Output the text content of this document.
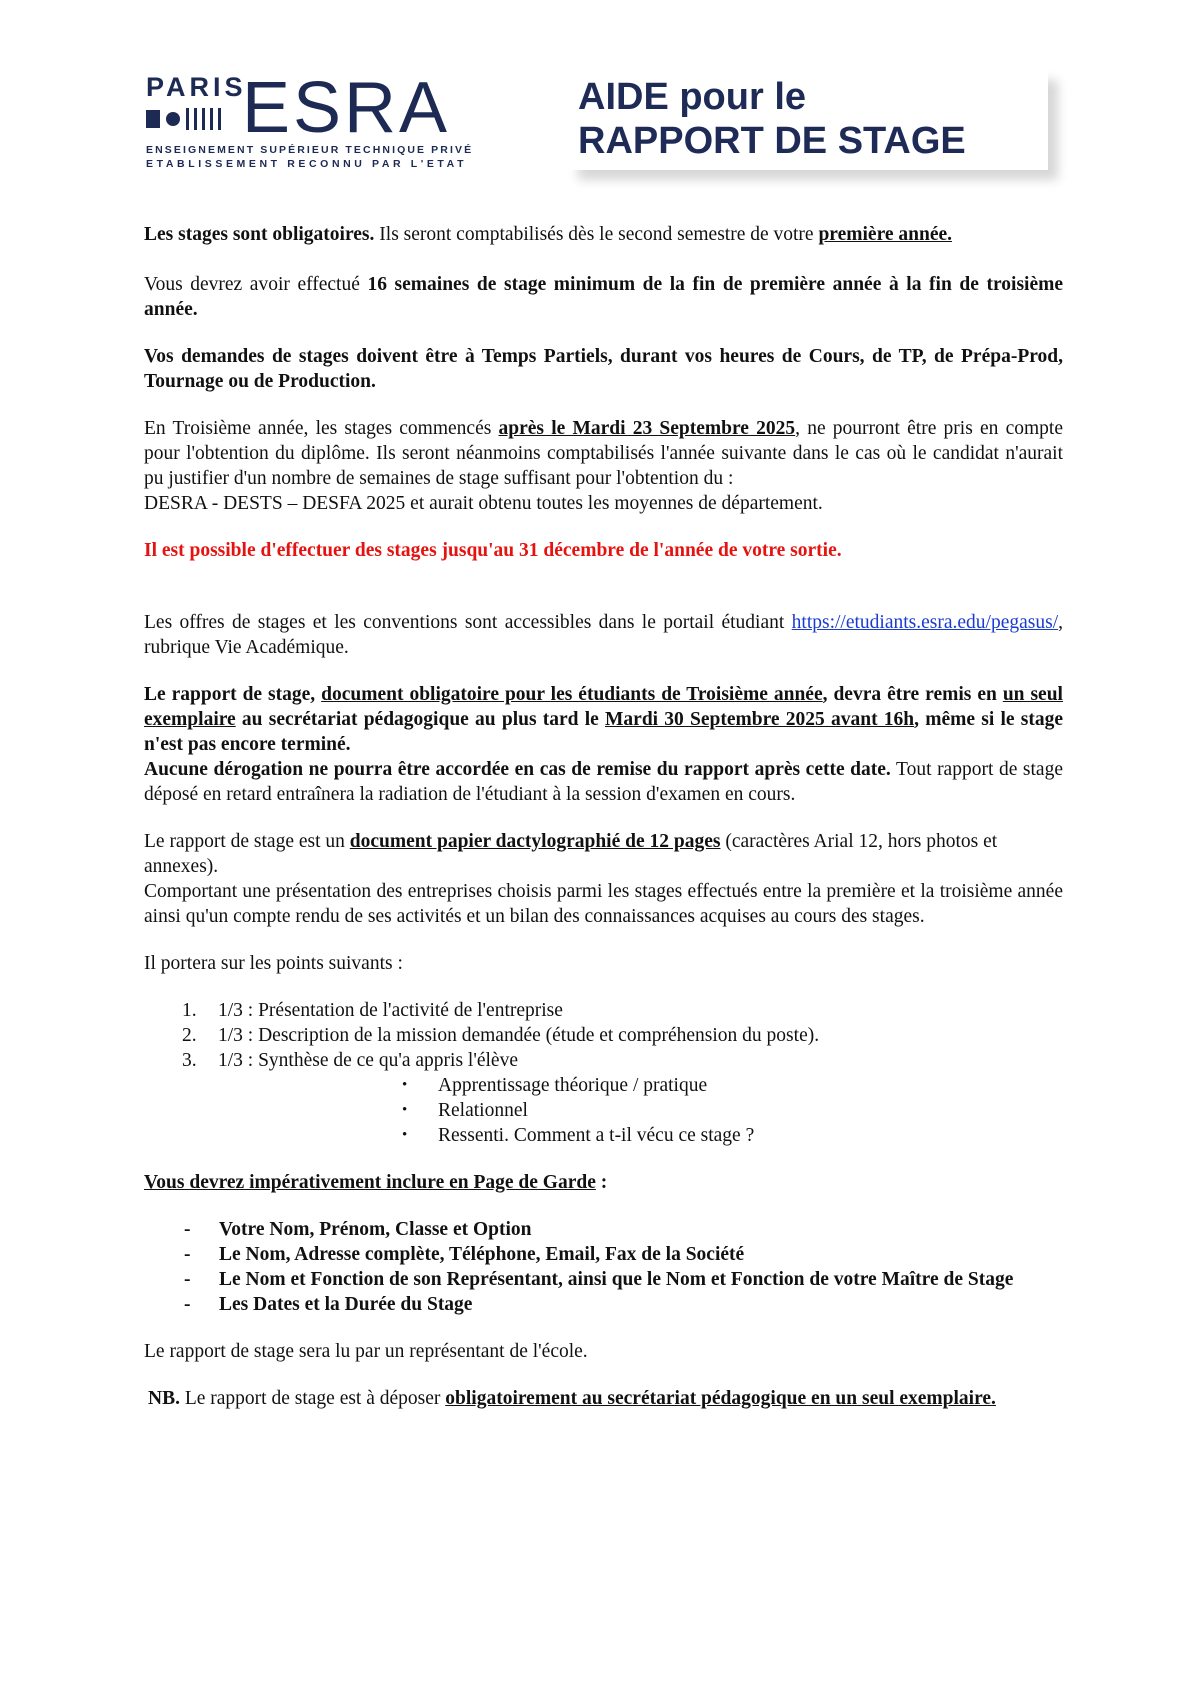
PARIS
ESRA
ENSEIGNEMENT SUPÉRIEUR TECHNIQUE PRIVÉ
ETABLISSEMENT RECONNU PAR L'ETAT
AIDE pour le
RAPPORT DE STAGE

Les stages sont obligatoires. Ils seront comptabilisés dès le second semestre de votre première année.

Vous devrez avoir effectué 16 semaines de stage minimum de la fin de première année à la fin de troisième année.

Vos demandes de stages doivent être à Temps Partiels, durant vos heures de Cours, de TP, de Prépa-Prod, Tournage ou de Production.

En Troisième année, les stages commencés après le Mardi 23 Septembre 2025, ne pourront être pris en compte pour l'obtention du diplôme. Ils seront néanmoins comptabilisés l'année suivante dans le cas où le candidat n'aurait pu justifier d'un nombre de semaines de stage suffisant pour l'obtention du :

DESRA - DESTS – DESFA 2025 et aurait obtenu toutes les moyennes de département.

Il est possible d'effectuer des stages jusqu'au 31 décembre de l'année de votre sortie.

Les offres de stages et les conventions sont accessibles dans le portail étudiant https://etudiants.esra.edu/pegasus/, rubrique Vie Académique.

Le rapport de stage, document obligatoire pour les étudiants de Troisième année, devra être remis en un seul exemplaire au secrétariat pédagogique au plus tard le Mardi 30 Septembre 2025 avant 16h, même si le stage n'est pas encore terminé.

Aucune dérogation ne pourra être accordée en cas de remise du rapport après cette date. Tout rapport de stage déposé en retard entraînera la radiation de l'étudiant à la session d'examen en cours.

Le rapport de stage est un document papier dactylographié de 12 pages (caractères Arial 12, hors photos et annexes).

Comportant une présentation des entreprises choisis parmi les stages effectués entre la première et la troisième année ainsi qu'un compte rendu de ses activités et un bilan des connaissances acquises au cours des stages.

Il portera sur les points suivants :

1. 1/3 : Présentation de l'activité de l'entreprise
2. 1/3 : Description de la mission demandée (étude et compréhension du poste).
3. 1/3 : Synthèse de ce qu'a appris l'élève
• Apprentissage théorique / pratique
• Relationnel
• Ressenti. Comment a t-il vécu ce stage ?

Vous devrez impérativement inclure en Page de Garde :

- Votre Nom, Prénom, Classe et Option
- Le Nom, Adresse complète, Téléphone, Email, Fax de la Société
- Le Nom et Fonction de son Représentant, ainsi que le Nom et Fonction de votre Maître de Stage
- Les Dates et la Durée du Stage

Le rapport de stage sera lu par un représentant de l'école.

NB. Le rapport de stage est à déposer obligatoirement au secrétariat pédagogique en un seul exemplaire.
